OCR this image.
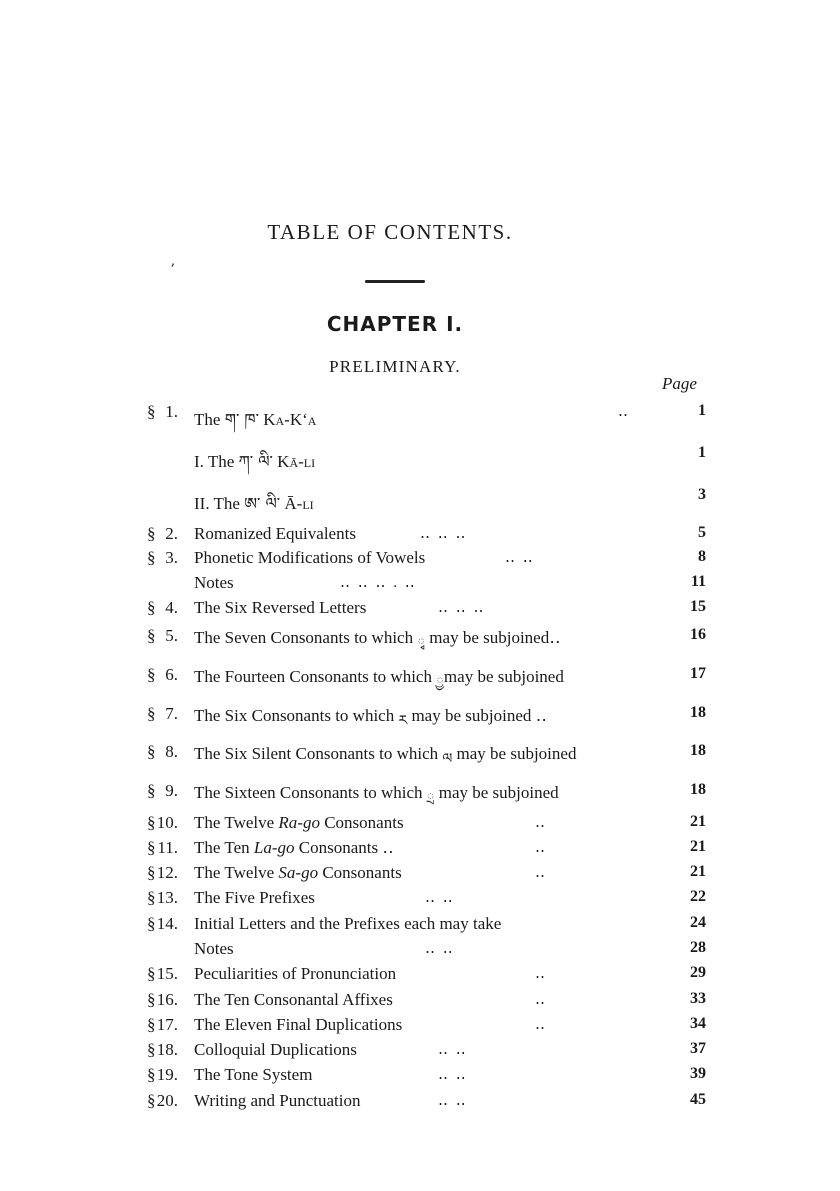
TABLE OF CONTENTS.
ʼ
CHAPTER I.
PRELIMINARY.
Page
§ 1. The ག་ ཁ་ Ka-K‘a	‥	1
I. The ཀ་ ལི་ Kā-li	1
II. The ཨ་ ལི་ Ā-li	3
§ 2. Romanized Equivalents	‥ ‥ ‥	5
§ 3. Phonetic Modifications of Vowels	‥ ‥	8
Notes	‥ ‥ ‥ . ‥	11
§ 4. The Six Reversed Letters	‥ ‥ ‥	15
§ 5. The Seven Consonants to which ྭ may be subjoined‥	16
§ 6. The Fourteen Consonants to which ྱmay be subjoined	17
§ 7. The Six Consonants to which ར may be subjoined ‥	18
§ 8. The Six Silent Consonants to which ལ may be subjoined	18
§ 9. The Sixteen Consonants to which ྲ may be subjoined	18
§ 10. The Twelve Ra-go Consonants	‥	21
§ 11. The Ten La-go Consonants ‥	‥	21
§ 12. The Twelve Sa-go Consonants	‥	21
§ 13. The Five Prefixes	‥ ‥	22
§ 14. Initial Letters and the Prefixes each may take	24
Notes	‥ ‥	28
§ 15. Peculiarities of Pronunciation	‥	29
§ 16. The Ten Consonantal Affixes	‥	33
§ 17. The Eleven Final Duplications	‥	34
§ 18. Colloquial Duplications	‥ ‥	37
§ 19. The Tone System	‥ ‥	39
§ 20. Writing and Punctuation	‥ ‥	45
